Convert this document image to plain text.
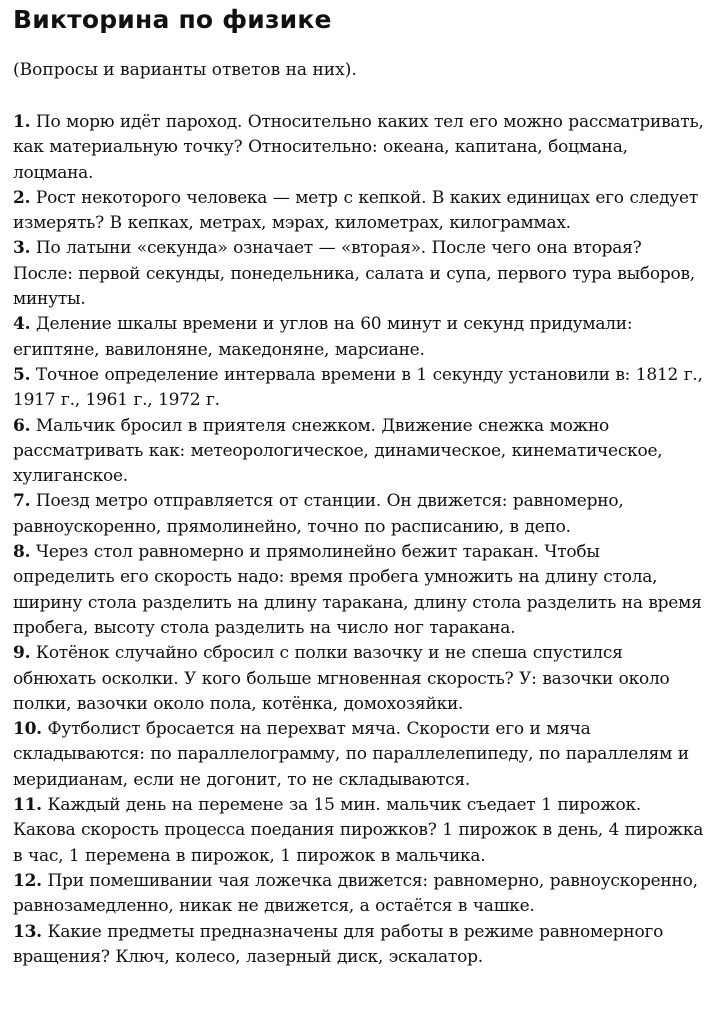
Викторина по физике

(Вопросы и варианты ответов на них).

1. По морю идёт пароход. Относительно каких тел его можно рассматривать, как материальную точку? Относительно: океана, капитана, боцмана, лоцмана.
2. Рост некоторого человека — метр с кепкой. В каких единицах его следует измерять? В кепках, метрах, мэрах, километрах, килограммах.
3. По латыни «секунда» означает — «вторая». После чего она вторая? После: первой секунды, понедельника, салата и супа, первого тура выборов, минуты.
4. Деление шкалы времени и углов на 60 минут и секунд придумали: египтяне, вавилоняне, македоняне, марсиане.
5. Точное определение интервала времени в 1 секунду установили в: 1812 г., 1917 г., 1961 г., 1972 г.
6. Мальчик бросил в приятеля снежком. Движение снежка можно рассматривать как: метеорологическое, динамическое, кинематическое, хулиганское.
7. Поезд метро отправляется от станции. Он движется: равномерно, равноускоренно, прямолинейно, точно по расписанию, в депо.
8. Через стол равномерно и прямолинейно бежит таракан. Чтобы определить его скорость надо: время пробега умножить на длину стола, ширину стола разделить на длину таракана, длину стола разделить на время пробега, высоту стола разделить на число ног таракана.
9. Котёнок случайно сбросил с полки вазочку и не спеша спустился обнюхать осколки. У кого больше мгновенная скорость? У: вазочки около полки, вазочки около пола, котёнка, домохозяйки.
10. Футболист бросается на перехват мяча. Скорости его и мяча складываются: по параллелограмму, по параллелепипеду, по параллелям и меридианам, если не догонит, то не складываются.
11. Каждый день на перемене за 15 мин. мальчик съедает 1 пирожок. Какова скорость процесса поедания пирожков? 1 пирожок в день, 4 пирожка в час, 1 перемена в пирожок, 1 пирожок в мальчика.
12. При помешивании чая ложечка движется: равномерно, равноускоренно, равнозамедленно, никак не движется, а остаётся в чашке.
13. Какие предметы предназначены для работы в режиме равномерного вращения? Ключ, колесо, лазерный диск, эскалатор.
